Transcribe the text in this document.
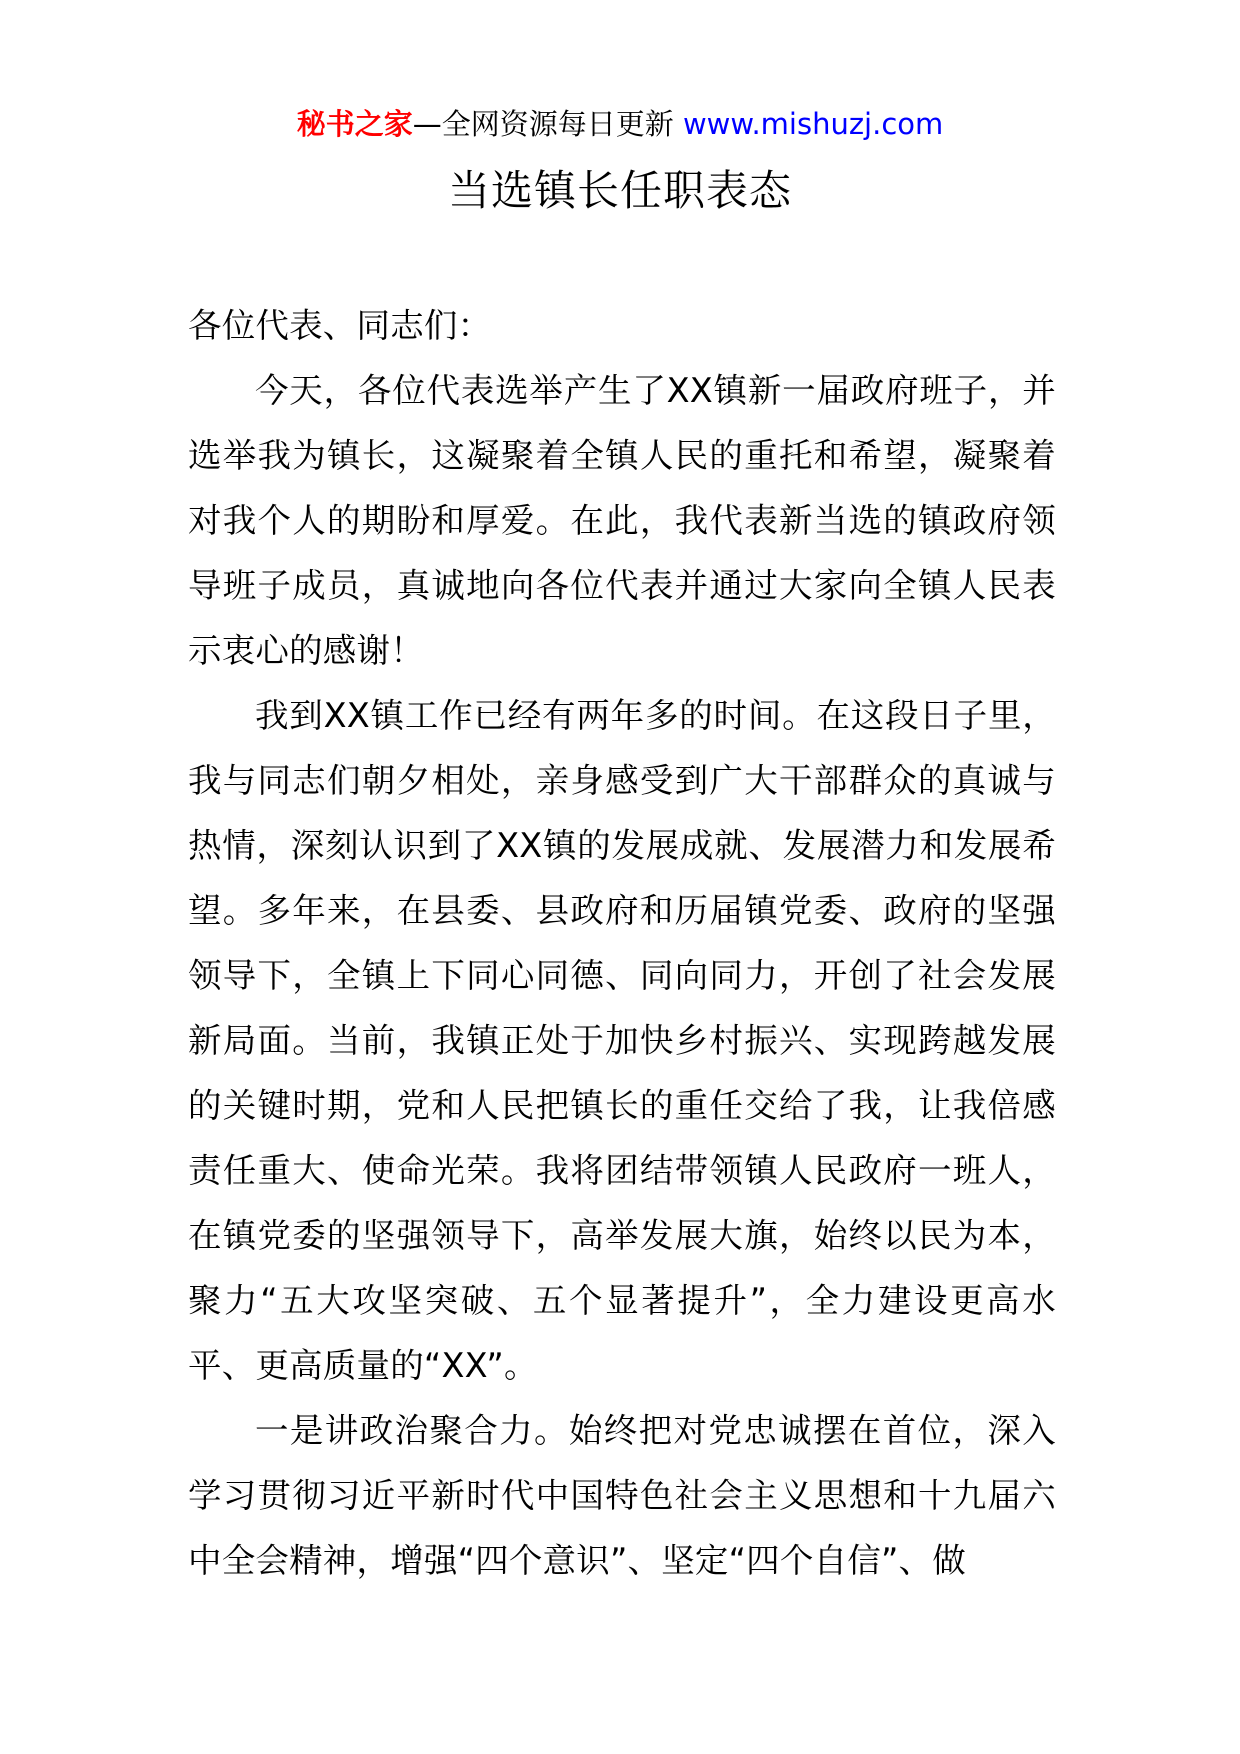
秘书之家—全网资源每日更新 www.mishuzj.com
当选镇长任职表态

各位代表、同志们：

今天，各位代表选举产生了XX镇新一届政府班子，并选举我为镇长，这凝聚着全镇人民的重托和希望，凝聚着对我个人的期盼和厚爱。在此，我代表新当选的镇政府领导班子成员，真诚地向各位代表并通过大家向全镇人民表示衷心的感谢！

我到XX镇工作已经有两年多的时间。在这段日子里，我与同志们朝夕相处，亲身感受到广大干部群众的真诚与热情，深刻认识到了XX镇的发展成就、发展潜力和发展希望。多年来，在县委、县政府和历届镇党委、政府的坚强领导下，全镇上下同心同德、同向同力，开创了社会发展新局面。当前，我镇正处于加快乡村振兴、实现跨越发展的关键时期，党和人民把镇长的重任交给了我，让我倍感责任重大、使命光荣。我将团结带领镇人民政府一班人，在镇党委的坚强领导下，高举发展大旗，始终以民为本，聚力“五大攻坚突破、五个显著提升”，全力建设更高水平、更高质量的“XX”。

一是讲政治聚合力。始终把对党忠诚摆在首位，深入学习贯彻习近平新时代中国特色社会主义思想和十九届六中全会精神，增强“四个意识”、坚定“四个自信”、做
